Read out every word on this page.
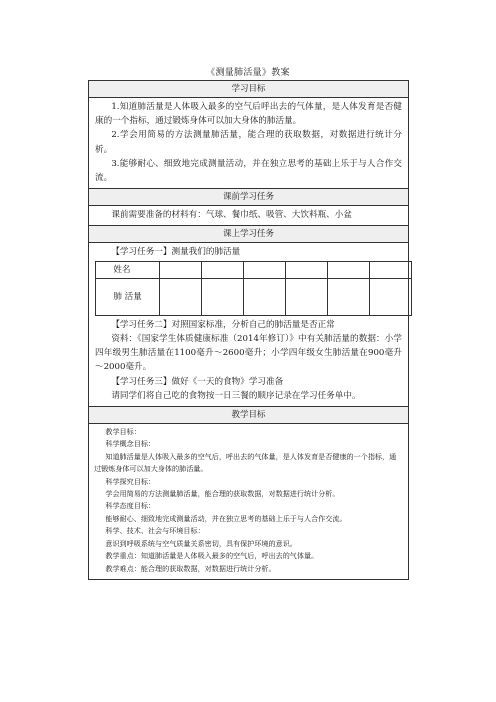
《测量肺活量》教案
学习目标

1.知道肺活量是人体吸入最多的空气后呼出去的气体量，是人体发育是否健康的一个指标，通过锻炼身体可以加大身体的肺活量。

2.学会用简易的方法测量肺活量，能合理的获取数据，对数据进行统计分析。

3.能够耐心、细致地完成测量活动，并在独立思考的基础上乐于与人合作交流。

课前学习任务

课前需要准备的材料有：气球、餐巾纸、吸管、大饮料瓶、小盆

课上学习任务

【学习任务一】测量我们的肺活量

姓名						
肺 活量						

【学习任务二】对照国家标准，分析自己的肺活量是否正常

资料：《国家学生体质健康标准（2014年修订）》中有关肺活量的数据：小学四年级男生肺活量在1100毫升～2600毫升；小学四年级女生肺活量在900毫升～2000毫升。

【学习任务三】做好《一天的食物》学习准备

请同学们将自己吃的食物按一日三餐的顺序记录在学习任务单中。

教学目标

教学目标：

科学概念目标：

知道肺活量是人体吸入最多的空气后，呼出去的气体量，是人体发育是否健康的一个指标，通过锻炼身体可以加大身体的肺活量。

科学探究目标：

学会用简易的方法测量肺活量，能合理的获取数据，对数据进行统计分析。

科学态度目标：

能够耐心、细致地完成测量活动，并在独立思考的基础上乐于与人合作交流。

科学、技术、社会与环境目标：

意识到呼吸系统与空气质量关系密切，具有保护环境的意识。

教学重点：知道肺活量是人体吸入最多的空气后，呼出去的气体量。

教学难点：能合理的获取数据，对数据进行统计分析。
